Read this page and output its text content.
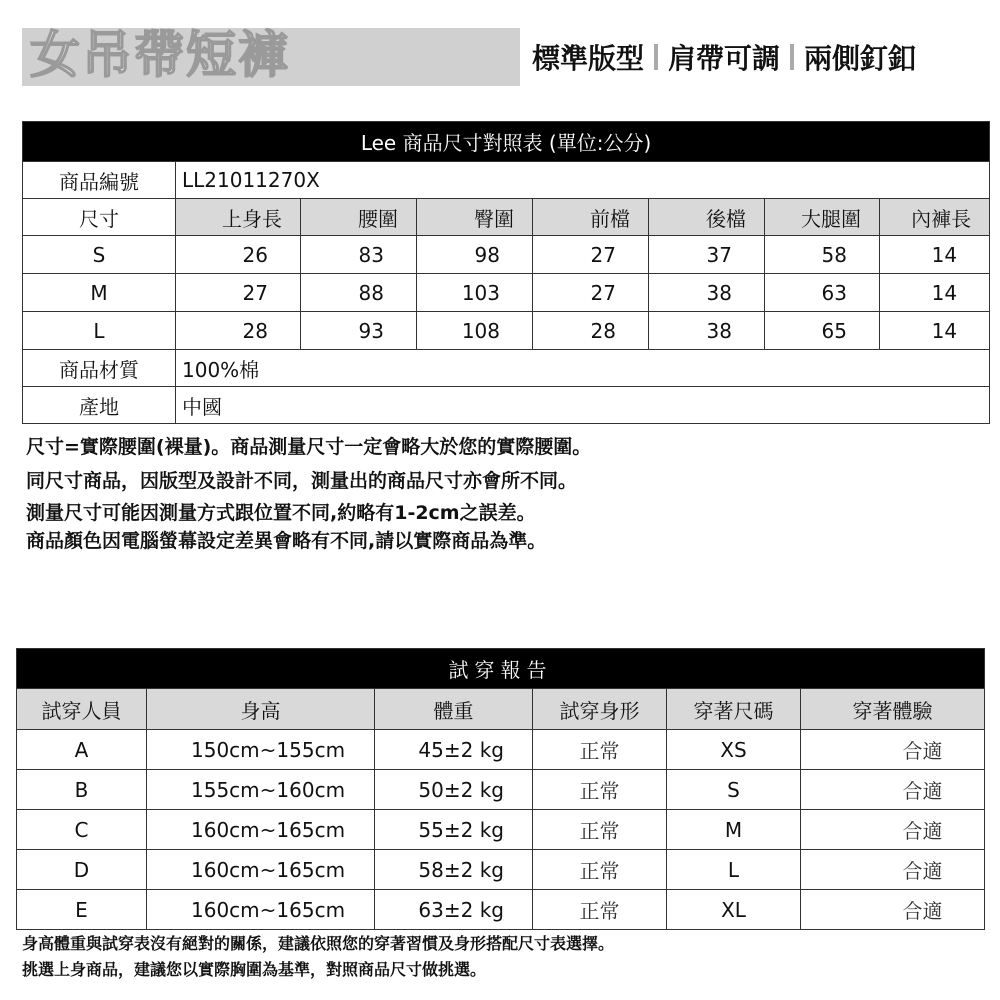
女吊帶短褲	標準版型 肩帶可調 兩側釘釦
Lee 商品尺寸對照表 (單位:公分)							
商品編號	LL21011270X						
尺寸	上身長	腰圍	臀圍	前檔	後檔	大腿圍	內褲長
S	26	83	98	27	37	58	14
M	27	88	103	27	38	63	14
L	28	93	108	28	38	65	14
商品材質	100%棉						
產地	中國						
尺寸=實際腰圍(裸量)。商品測量尺寸一定會略大於您的實際腰圍。
同尺寸商品，因版型及設計不同，測量出的商品尺寸亦會所不同。
測量尺寸可能因測量方式跟位置不同,約略有1-2cm之誤差。
商品顏色因電腦螢幕設定差異會略有不同,請以實際商品為準。
試穿報告					
試穿人員	身高	體重	試穿身形	穿著尺碼	穿著體驗
A	150cm~155cm	45±2 kg	正常	XS	合適
B	155cm~160cm	50±2 kg	正常	S	合適
C	160cm~165cm	55±2 kg	正常	M	合適
D	160cm~165cm	58±2 kg	正常	L	合適
E	160cm~165cm	63±2 kg	正常	XL	合適
身高體重與試穿表沒有絕對的關係，建議依照您的穿著習慣及身形搭配尺寸表選擇。
挑選上身商品，建議您以實際胸圍為基準，對照商品尺寸做挑選。
